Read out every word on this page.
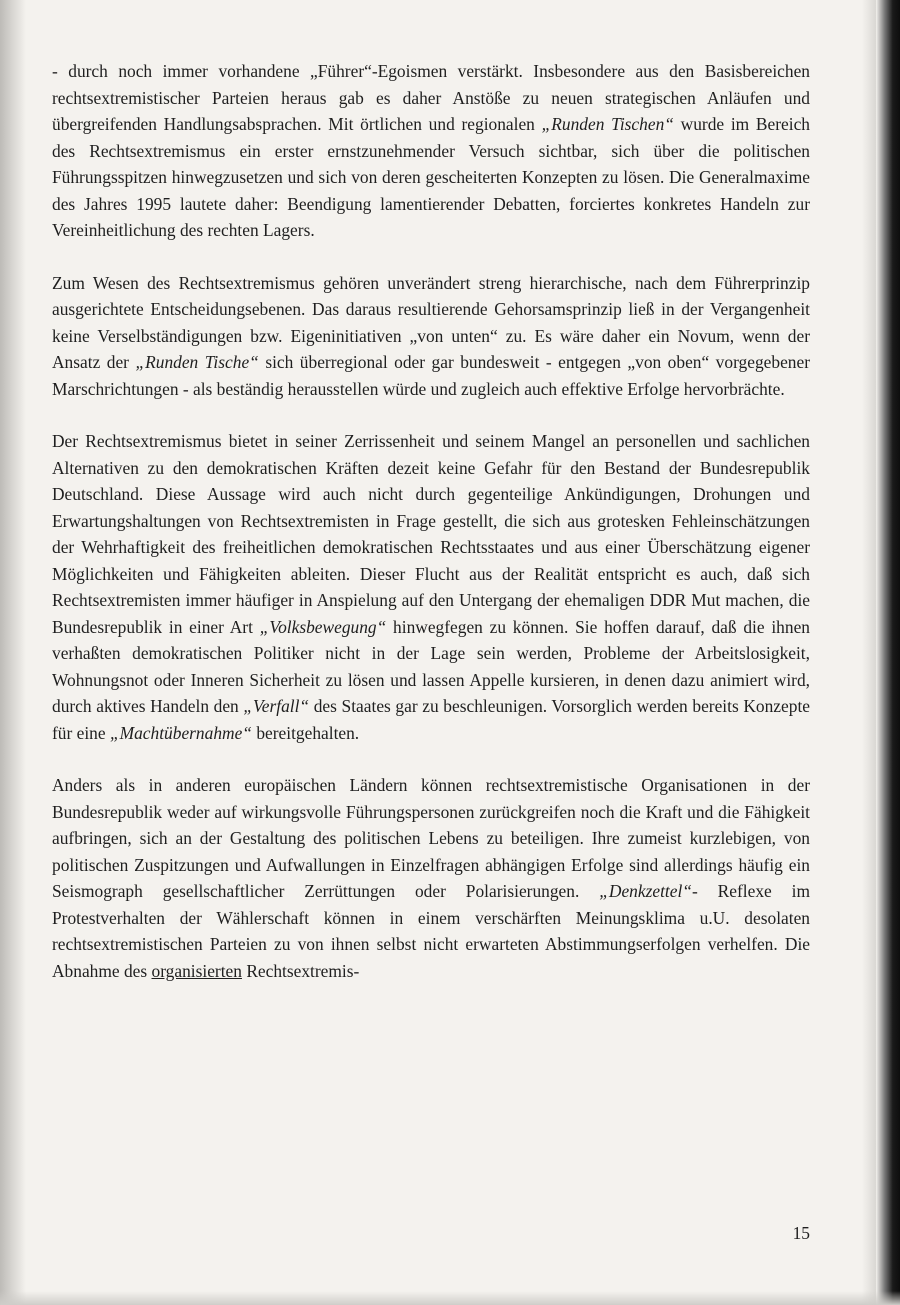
- durch noch immer vorhandene „Führer“-Egoismen verstärkt. Insbesondere aus den Basisbereichen rechtsextremistischer Parteien heraus gab es daher Anstöße zu neuen strategischen Anläufen und übergreifenden Handlungsabsprachen. Mit örtlichen und regionalen „Runden Tischen“ wurde im Bereich des Rechtsextremismus ein erster ernstzunehmender Versuch sichtbar, sich über die politischen Führungsspitzen hinwegzusetzen und sich von deren gescheiterten Konzepten zu lösen. Die Generalmaxime des Jahres 1995 lautete daher: Beendigung lamentierender Debatten, forciertes konkretes Handeln zur Vereinheitlichung des rechten Lagers.

Zum Wesen des Rechtsextremismus gehören unverändert streng hierarchische, nach dem Führerprinzip ausgerichtete Entscheidungsebenen. Das daraus resultierende Gehorsamsprinzip ließ in der Vergangenheit keine Verselbständigungen bzw. Eigeninitiativen „von unten“ zu. Es wäre daher ein Novum, wenn der Ansatz der „Runden Tische“ sich überregional oder gar bundesweit - entgegen „von oben“ vorgegebener Marschrichtungen - als beständig herausstellen würde und zugleich auch effektive Erfolge hervorbrächte.

Der Rechtsextremismus bietet in seiner Zerrissenheit und seinem Mangel an personellen und sachlichen Alternativen zu den demokratischen Kräften dezeit keine Gefahr für den Bestand der Bundesrepublik Deutschland. Diese Aussage wird auch nicht durch gegenteilige Ankündigungen, Drohungen und Erwartungshaltungen von Rechtsextremisten in Frage gestellt, die sich aus grotesken Fehleinschätzungen der Wehrhaftigkeit des freiheitlichen demokratischen Rechtsstaates und aus einer Überschätzung eigener Möglichkeiten und Fähigkeiten ableiten. Dieser Flucht aus der Realität entspricht es auch, daß sich Rechtsextremisten immer häufiger in Anspielung auf den Untergang der ehemaligen DDR Mut machen, die Bundesrepublik in einer Art „Volksbewegung“ hinwegfegen zu können. Sie hoffen darauf, daß die ihnen verhaßten demokratischen Politiker nicht in der Lage sein werden, Probleme der Arbeitslosigkeit, Wohnungsnot oder Inneren Sicherheit zu lösen und lassen Appelle kursieren, in denen dazu animiert wird, durch aktives Handeln den „Verfall“ des Staates gar zu beschleunigen. Vorsorglich werden bereits Konzepte für eine „Machtübernahme“ bereitgehalten.

Anders als in anderen europäischen Ländern können rechtsextremistische Organisationen in der Bundesrepublik weder auf wirkungsvolle Führungspersonen zurückgreifen noch die Kraft und die Fähigkeit aufbringen, sich an der Gestaltung des politischen Lebens zu beteiligen. Ihre zumeist kurzlebigen, von politischen Zuspitzungen und Aufwallungen in Einzelfragen abhängigen Erfolge sind allerdings häufig ein Seismograph gesellschaftlicher Zerrüttungen oder Polarisierungen. „Denkzettel“- Reflexe im Protestverhalten der Wählerschaft können in einem verschärften Meinungsklima u.U. desolaten rechtsextremistischen Parteien zu von ihnen selbst nicht erwarteten Abstimmungserfolgen verhelfen. Die Abnahme des organisierten Rechtsextremis-

15
